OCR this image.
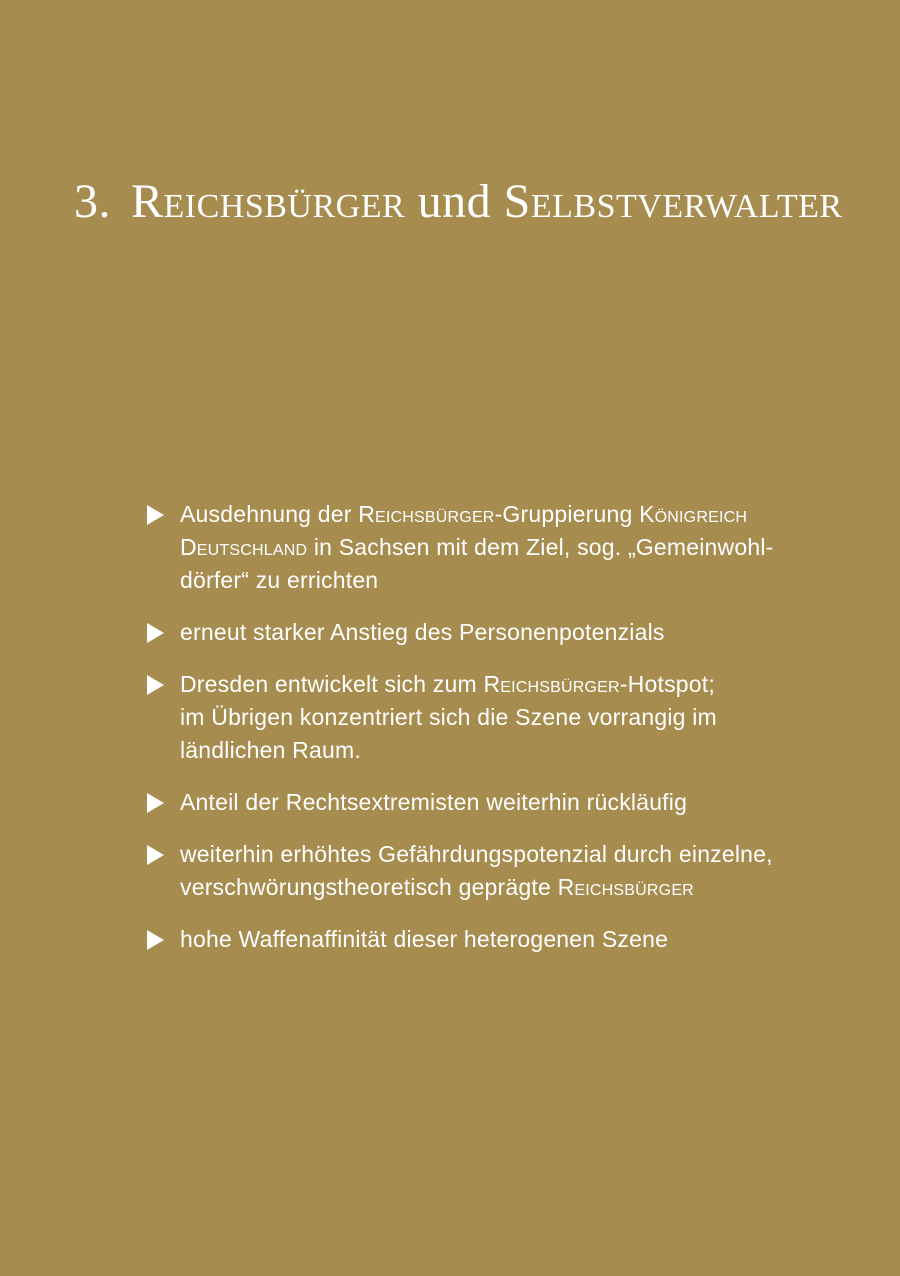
3. Reichsbürger und Selbstverwalter
Ausdehnung der Reichsbürger-Gruppierung Königreich
Deutschland in Sachsen mit dem Ziel, sog. „Gemeinwohl-
dörfer“ zu errichten
erneut starker Anstieg des Personenpotenzials
Dresden entwickelt sich zum Reichsbürger-Hotspot;
im Übrigen konzentriert sich die Szene vorrangig im
ländlichen Raum.
Anteil der Rechtsextremisten weiterhin rückläufig
weiterhin erhöhtes Gefährdungspotenzial durch einzelne,
verschwörungstheoretisch geprägte Reichsbürger
hohe Waffenaffinität dieser heterogenen Szene
